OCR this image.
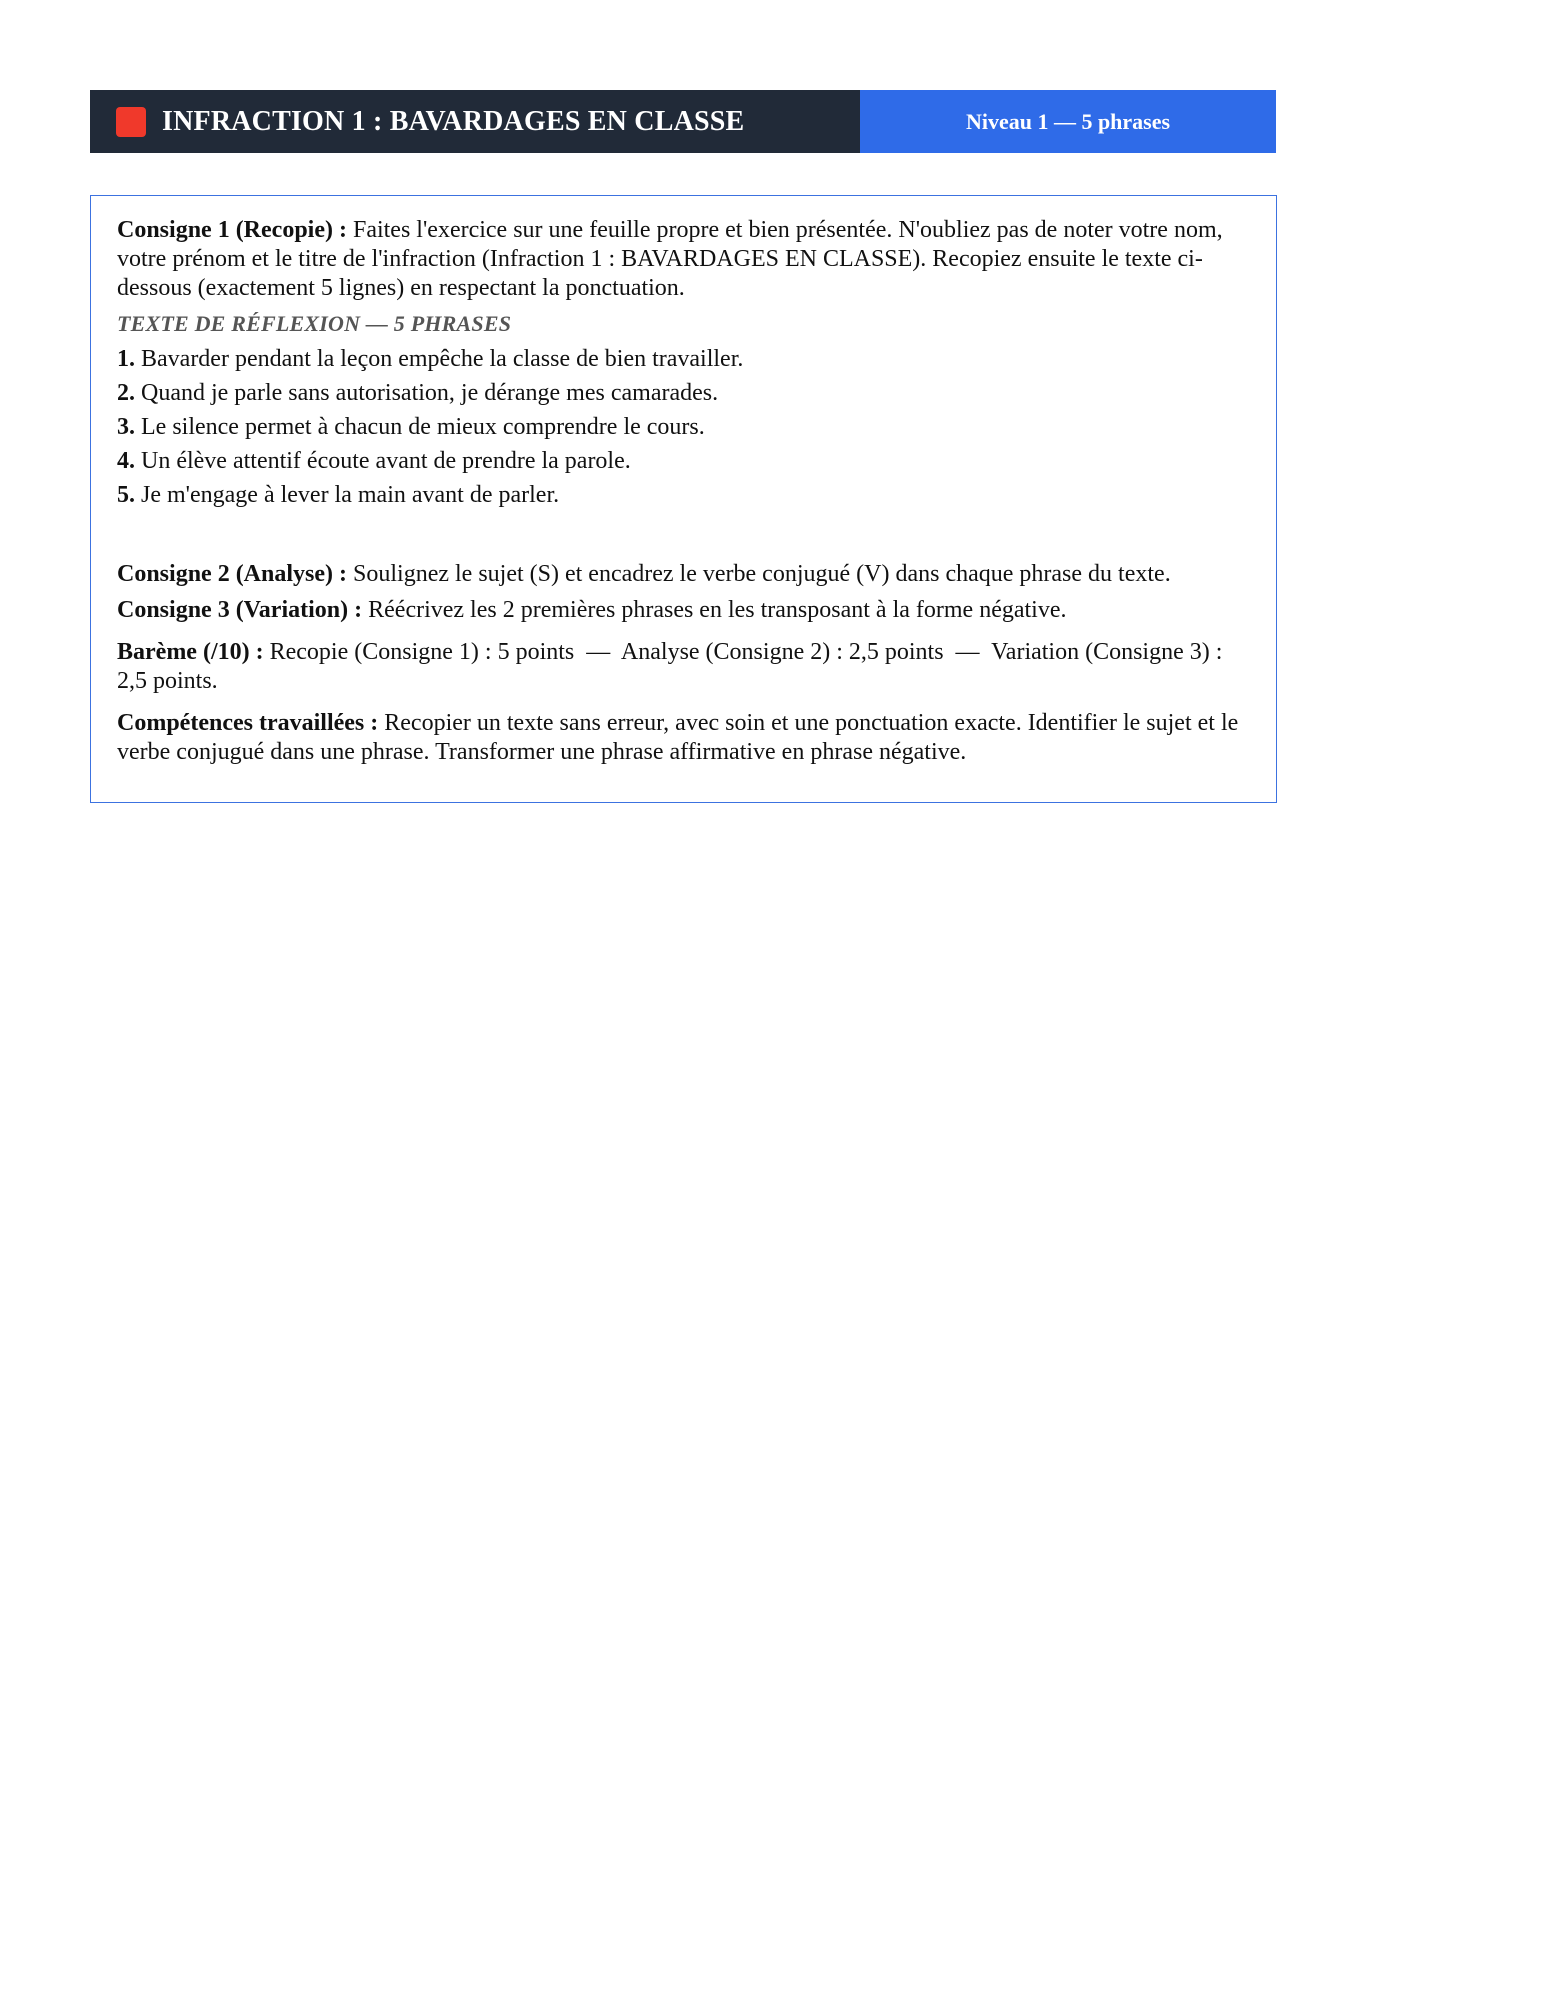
INFRACTION 1 : BAVARDAGES EN CLASSE	Niveau 1 — 5 phrases

Consigne 1 (Recopie) : Faites l'exercice sur une feuille propre et bien présentée. N'oubliez pas de noter votre nom, votre prénom et le titre de l'infraction (Infraction 1 : BAVARDAGES EN CLASSE). Recopiez ensuite le texte ci-dessous (exactement 5 lignes) en respectant la ponctuation.

TEXTE DE RÉFLEXION — 5 PHRASES
1. Bavarder pendant la leçon empêche la classe de bien travailler.
2. Quand je parle sans autorisation, je dérange mes camarades.
3. Le silence permet à chacun de mieux comprendre le cours.
4. Un élève attentif écoute avant de prendre la parole.
5. Je m'engage à lever la main avant de parler.

Consigne 2 (Analyse) : Soulignez le sujet (S) et encadrez le verbe conjugué (V) dans chaque phrase du texte.

Consigne 3 (Variation) : Réécrivez les 2 premières phrases en les transposant à la forme négative.

Barème (/10) : Recopie (Consigne 1) : 5 points  —  Analyse (Consigne 2) : 2,5 points  —  Variation (Consigne 3) : 2,5 points.

Compétences travaillées : Recopier un texte sans erreur, avec soin et une ponctuation exacte. Identifier le sujet et le verbe conjugué dans une phrase. Transformer une phrase affirmative en phrase négative.
